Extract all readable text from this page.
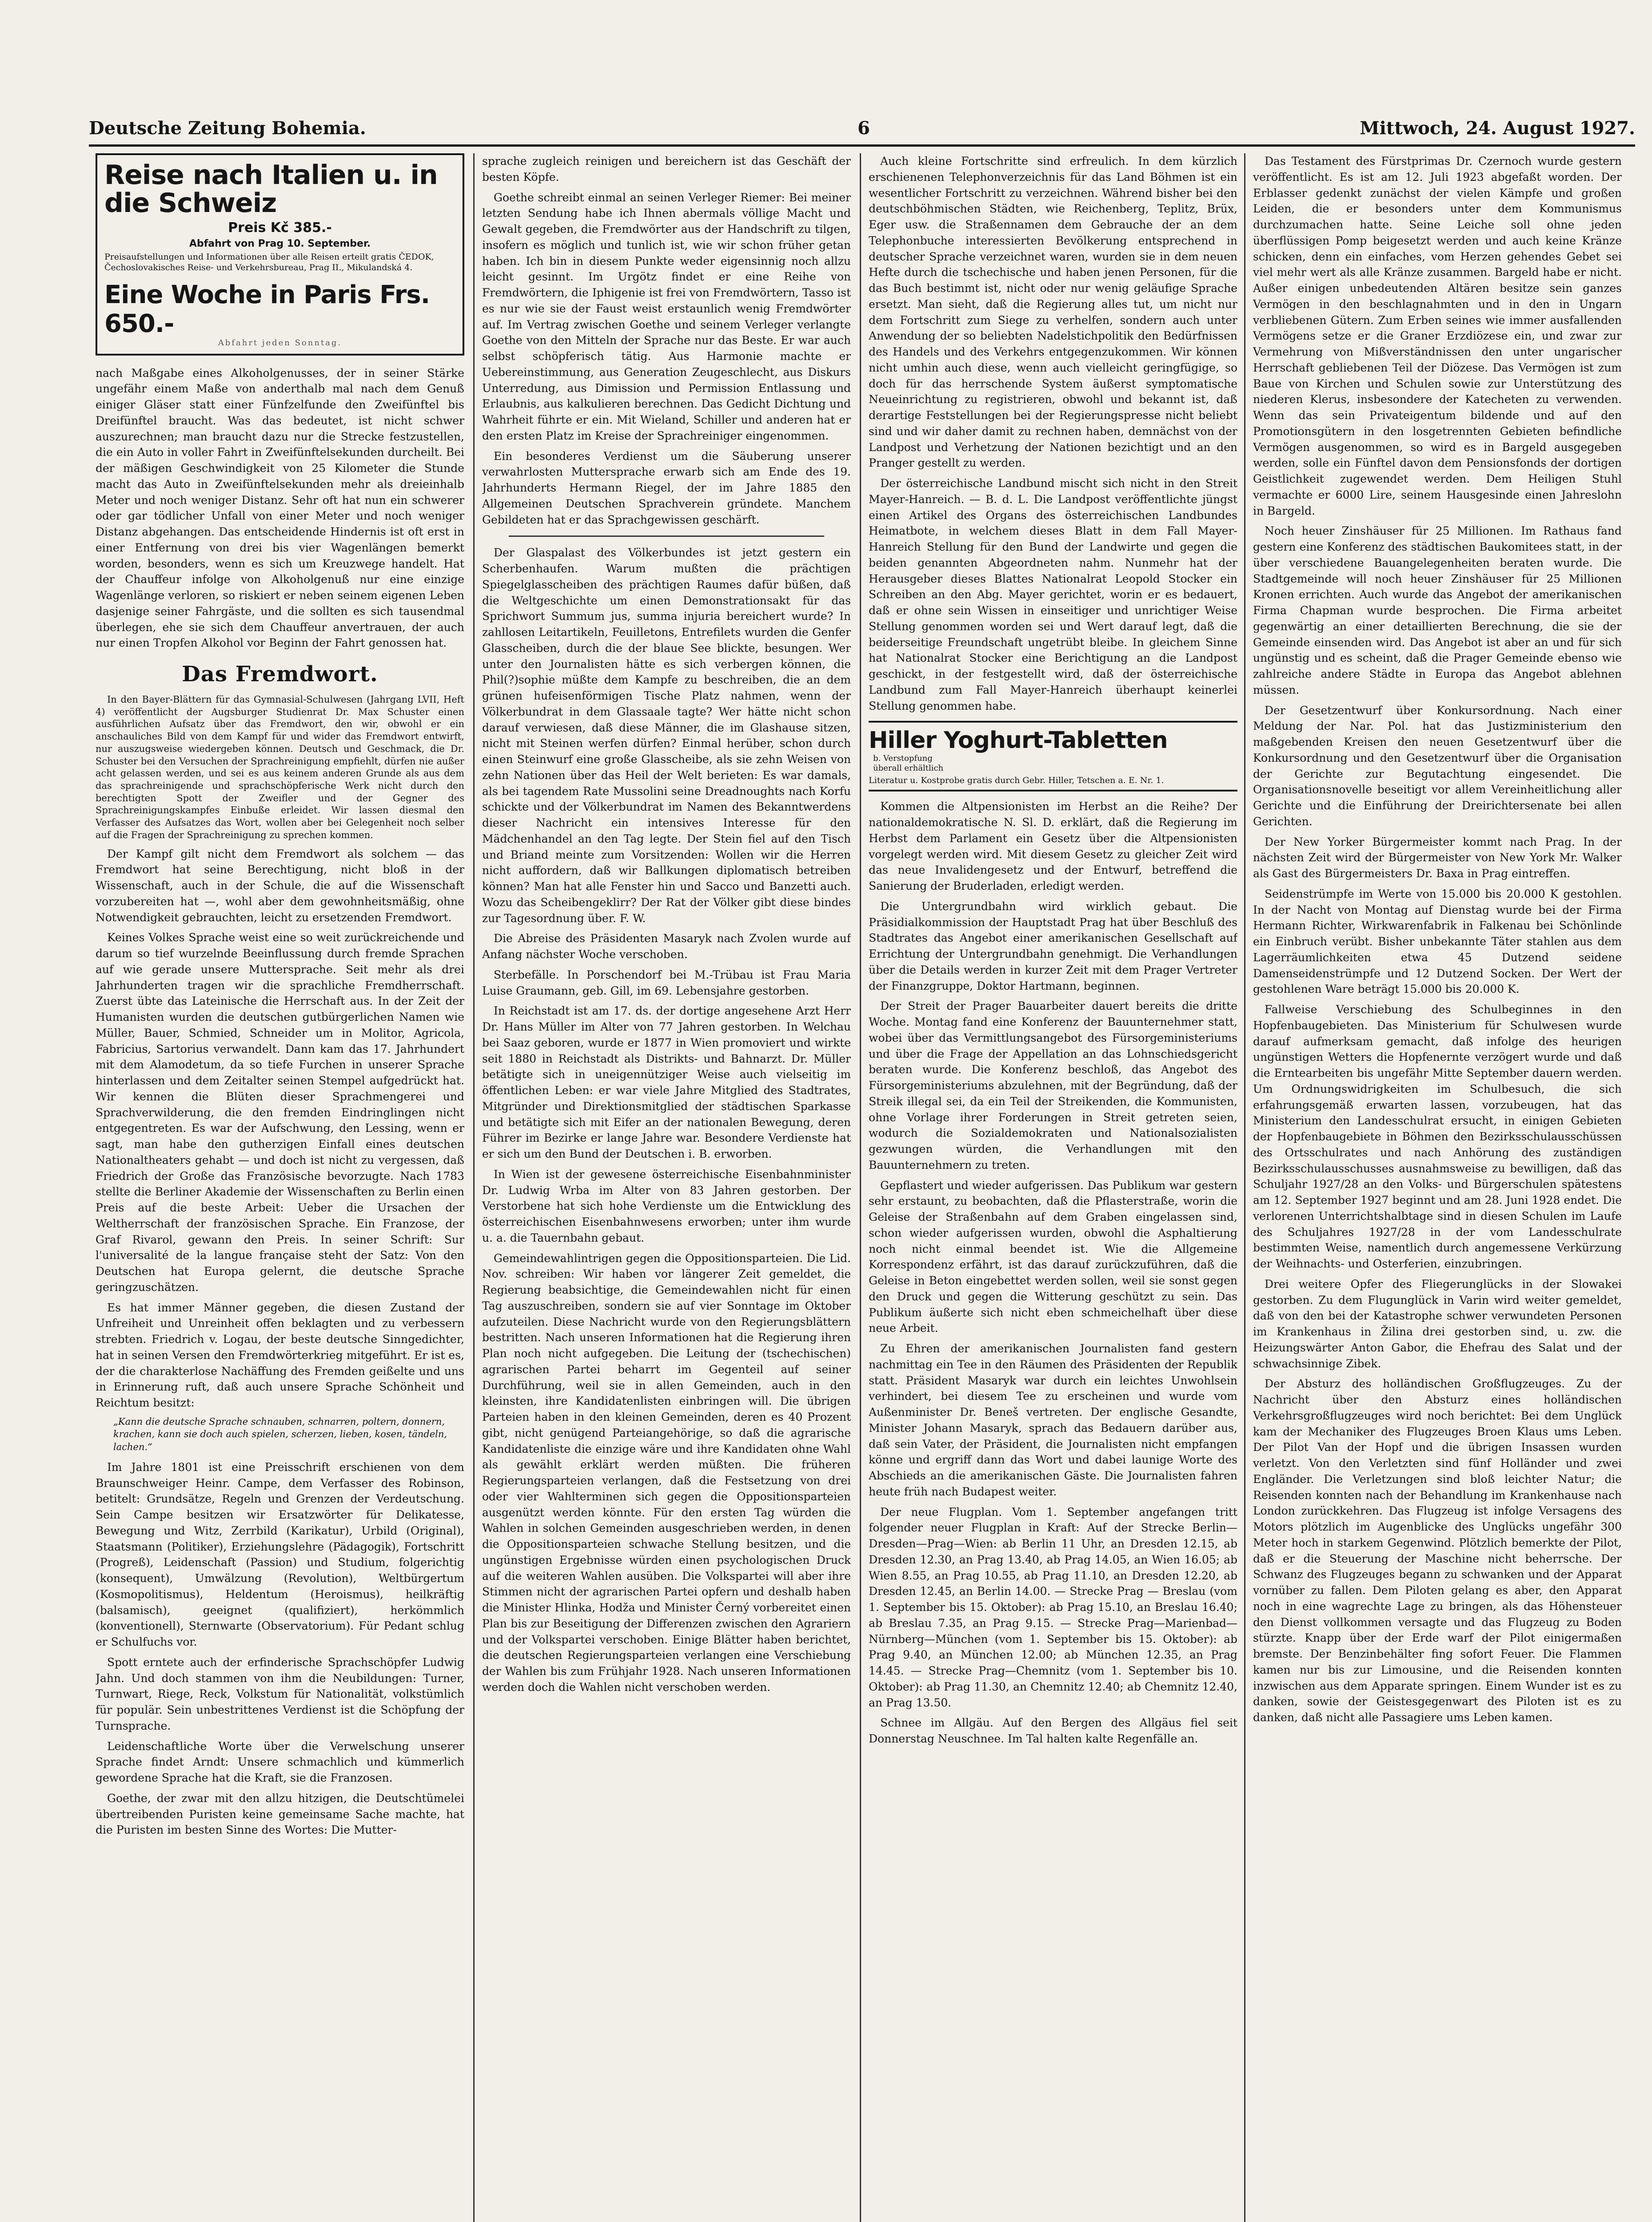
Deutsche Zeitung Bohemia.	6	Mittwoch, 24. August 1927.
Reise nach Italien u. in die Schweiz
Preis Kč 385.-
Abfahrt von Prag 10. September.
Preisaufstellungen und Informationen über alle Reisen erteilt gratis ČEDOK, Čechoslovakisches Reise- und Verkehrsbureau, Prag II., Mikulandská 4.
Eine Woche in Paris Frs. 650.-
Abfahrt jeden Sonntag.

nach Maßgabe eines Alkoholgenusses, der in seiner Stärke ungefähr einem Maße von anderthalb mal nach dem Genuß einiger Gläser statt einer Fünfzelfunde den Zweifünftel bis Dreifünftel braucht. Was das bedeutet, ist nicht schwer auszurechnen; man braucht dazu nur die Strecke festzustellen, die ein Auto in voller Fahrt in Zweifünftelsekunden durcheilt. Bei der mäßigen Geschwindigkeit von 25 Kilometer die Stunde macht das Auto in Zweifünftelsekunden mehr als dreieinhalb Meter und noch weniger Distanz. Sehr oft hat nun ein schwerer oder gar tödlicher Unfall von einer Meter und noch weniger Distanz abgehangen. Das entscheidende Hindernis ist oft erst in einer Entfernung von drei bis vier Wagenlängen bemerkt worden, besonders, wenn es sich um Kreuzwege handelt. Hat der Chauffeur infolge von Alkoholgenuß nur eine einzige Wagenlänge verloren, so riskiert er neben seinem eigenen Leben dasjenige seiner Fahrgäste, und die sollten es sich tausendmal überlegen, ehe sie sich dem Chauffeur anvertrauen, der auch nur einen Tropfen Alkohol vor Beginn der Fahrt genossen hat.

Das Fremdwort.

In den Bayer-Blättern für das Gymnasial-Schulwesen (Jahrgang LVII, Heft 4) veröffentlicht der Augsburger Studienrat Dr. Max Schuster einen ausführlichen Aufsatz über das Fremdwort, den wir, obwohl er ein anschauliches Bild von dem Kampf für und wider das Fremdwort entwirft, nur auszugsweise wiedergeben können. Deutsch und Geschmack, die Dr. Schuster bei den Versuchen der Sprachreinigung empfiehlt, dürfen nie außer acht gelassen werden, und sei es aus keinem anderen Grunde als aus dem das sprachreinigende und sprachschöpferische Werk nicht durch den berechtigten Spott der Zweifler und der Gegner des Sprachreinigungskampfes Einbuße erleidet. Wir lassen diesmal den Verfasser des Aufsatzes das Wort, wollen aber bei Gelegenheit noch selber auf die Fragen der Sprachreinigung zu sprechen kommen.

Der Kampf gilt nicht dem Fremdwort als solchem — das Fremdwort hat seine Berechtigung, nicht bloß in der Wissenschaft, auch in der Schule, die auf die Wissenschaft vorzubereiten hat —, wohl aber dem gewohnheitsmäßig, ohne Notwendigkeit gebrauchten, leicht zu ersetzenden Fremdwort.

Keines Volkes Sprache weist eine so weit zurückreichende und darum so tief wurzelnde Beeinflussung durch fremde Sprachen auf wie gerade unsere Muttersprache. Seit mehr als drei Jahrhunderten tragen wir die sprachliche Fremdherrschaft. Zuerst übte das Lateinische die Herrschaft aus. In der Zeit der Humanisten wurden die deutschen gutbürgerlichen Namen wie Müller, Bauer, Schmied, Schneider um in Molitor, Agricola, Fabricius, Sartorius verwandelt. Dann kam das 17. Jahrhundert mit dem Alamodetum, da so tiefe Furchen in unserer Sprache hinterlassen und dem Zeitalter seinen Stempel aufgedrückt hat. Wir kennen die Blüten dieser Sprachmengerei und Sprachverwilderung, die den fremden Eindringlingen nicht entgegentreten. Es war der Aufschwung, den Lessing, wenn er sagt, man habe den gutherzigen Einfall eines deutschen Nationaltheaters gehabt — und doch ist nicht zu vergessen, daß Friedrich der Große das Französische bevorzugte. Nach 1783 stellte die Berliner Akademie der Wissenschaften zu Berlin einen Preis auf die beste Arbeit: Ueber die Ursachen der Weltherrschaft der französischen Sprache. Ein Franzose, der Graf Rivarol, gewann den Preis. In seiner Schrift: Sur l'universalité de la langue française steht der Satz: Von den Deutschen hat Europa gelernt, die deutsche Sprache geringzuschätzen.

Es hat immer Männer gegeben, die diesen Zustand der Unfreiheit und Unreinheit offen beklagten und zu verbessern strebten. Friedrich v. Logau, der beste deutsche Sinngedichter, hat in seinen Versen den Fremdwörterkrieg mitgeführt. Er ist es, der die charakterlose Nachäffung des Fremden geißelte und uns in Erinnerung ruft, daß auch unsere Sprache Schönheit und Reichtum besitzt:

„Kann die deutsche Sprache schnauben, schnarren, poltern, donnern, krachen, kann sie doch auch spielen, scherzen, lieben, kosen, tändeln, lachen.“

Im Jahre 1801 ist eine Preisschrift erschienen von dem Braunschweiger Heinr. Campe, dem Verfasser des Robinson, betitelt: Grundsätze, Regeln und Grenzen der Verdeutschung. Sein Campe besitzen wir Ersatzwörter für Delikatesse, Bewegung und Witz, Zerrbild (Karikatur), Urbild (Original), Staatsmann (Politiker), Erziehungslehre (Pädagogik), Fortschritt (Progreß), Leidenschaft (Passion) und Studium, folgerichtig (konsequent), Umwälzung (Revolution), Weltbürgertum (Kosmopolitismus), Heldentum (Heroismus), heilkräftig (balsamisch), geeignet (qualifiziert), herkömmlich (konventionell), Sternwarte (Observatorium). Für Pedant schlug er Schulfuchs vor.

Spott erntete auch der erfinderische Sprachschöpfer Ludwig Jahn. Und doch stammen von ihm die Neubildungen: Turner, Turnwart, Riege, Reck, Volkstum für Nationalität, volkstümlich für populär. Sein unbestrittenes Verdienst ist die Schöpfung der Turnsprache.

Leidenschaftliche Worte über die Verwelschung unserer Sprache findet Arndt: Unsere schmachlich und kümmerlich gewordene Sprache hat die Kraft, sie die Franzosen.

Goethe, der zwar mit den allzu hitzigen, die Deutschtümelei übertreibenden Puristen keine gemeinsame Sache machte, hat die Puristen im besten Sinne des Wortes: Die Mutter-

sprache zugleich reinigen und bereichern ist das Geschäft der besten Köpfe.

Goethe schreibt einmal an seinen Verleger Riemer: Bei meiner letzten Sendung habe ich Ihnen abermals völlige Macht und Gewalt gegeben, die Fremdwörter aus der Handschrift zu tilgen, insofern es möglich und tunlich ist, wie wir schon früher getan haben. Ich bin in diesem Punkte weder eigensinnig noch allzu leicht gesinnt. Im Urgötz findet er eine Reihe von Fremdwörtern, die Iphigenie ist frei von Fremdwörtern, Tasso ist es nur wie sie der Faust weist erstaunlich wenig Fremdwörter auf. Im Vertrag zwischen Goethe und seinem Verleger verlangte Goethe von den Mitteln der Sprache nur das Beste. Er war auch selbst schöpferisch tätig. Aus Harmonie machte er Uebereinstimmung, aus Generation Zeugeschlecht, aus Diskurs Unterredung, aus Dimission und Permission Entlassung und Erlaubnis, aus kalkulieren berechnen. Das Gedicht Dichtung und Wahrheit führte er ein. Mit Wieland, Schiller und anderen hat er den ersten Platz im Kreise der Sprachreiniger eingenommen.

Ein besonderes Verdienst um die Säuberung unserer verwahrlosten Muttersprache erwarb sich am Ende des 19. Jahrhunderts Hermann Riegel, der im Jahre 1885 den Allgemeinen Deutschen Sprachverein gründete. Manchem Gebildeten hat er das Sprachgewissen geschärft.

Der Glaspalast des Völkerbundes ist jetzt gestern ein Scherbenhaufen. Warum mußten die prächtigen Spiegelglasscheiben des prächtigen Raumes dafür büßen, daß die Weltgeschichte um einen Demonstrationsakt für das Sprichwort Summum jus, summa injuria bereichert wurde? In zahllosen Leitartikeln, Feuilletons, Entrefilets wurden die Genfer Glasscheiben, durch die der blaue See blickte, besungen. Wer unter den Journalisten hätte es sich verbergen können, die Phil(?)sophie müßte dem Kampfe zu beschreiben, die an dem grünen hufeisenförmigen Tische Platz nahmen, wenn der Völkerbundrat in dem Glassaale tagte? Wer hätte nicht schon darauf verwiesen, daß diese Männer, die im Glashause sitzen, nicht mit Steinen werfen dürfen? Einmal herüber, schon durch einen Steinwurf eine große Glasscheibe, als sie zehn Weisen von zehn Nationen über das Heil der Welt berieten: Es war damals, als bei tagendem Rate Mussolini seine Dreadnoughts nach Korfu schickte und der Völkerbundrat im Namen des Bekanntwerdens dieser Nachricht ein intensives Interesse für den Mädchenhandel an den Tag legte. Der Stein fiel auf den Tisch und Briand meinte zum Vorsitzenden: Wollen wir die Herren nicht auffordern, daß wir Ballkungen diplomatisch betreiben können? Man hat alle Fenster hin und Sacco und Banzetti auch. Wozu das Scheibengeklirr? Der Rat der Völker gibt diese bindes zur Tagesordnung über. F. W.

Die Abreise des Präsidenten Masaryk nach Zvolen wurde auf Anfang nächster Woche verschoben.

Sterbefälle. In Porschendorf bei M.-Trübau ist Frau Maria Luise Graumann, geb. Gill, im 69. Lebensjahre gestorben.

In Reichstadt ist am 17. ds. der dortige angesehene Arzt Herr Dr. Hans Müller im Alter von 77 Jahren gestorben. In Welchau bei Saaz geboren, wurde er 1877 in Wien promoviert und wirkte seit 1880 in Reichstadt als Distrikts- und Bahnarzt. Dr. Müller betätigte sich in uneigennütziger Weise auch vielseitig im öffentlichen Leben: er war viele Jahre Mitglied des Stadtrates, Mitgründer und Direktionsmitglied der städtischen Sparkasse und betätigte sich mit Eifer an der nationalen Bewegung, deren Führer im Bezirke er lange Jahre war. Besondere Verdienste hat er sich um den Bund der Deutschen i. B. erworben.

In Wien ist der gewesene österreichische Eisenbahnminister Dr. Ludwig Wrba im Alter von 83 Jahren gestorben. Der Verstorbene hat sich hohe Verdienste um die Entwicklung des österreichischen Eisenbahnwesens erworben; unter ihm wurde u. a. die Tauernbahn gebaut.

Gemeindewahlintrigen gegen die Oppositionsparteien. Die Lid. Nov. schreiben: Wir haben vor längerer Zeit gemeldet, die Regierung beabsichtige, die Gemeindewahlen nicht für einen Tag auszuschreiben, sondern sie auf vier Sonntage im Oktober aufzuteilen. Diese Nachricht wurde von den Regierungsblättern bestritten. Nach unseren Informationen hat die Regierung ihren Plan noch nicht aufgegeben. Die Leitung der (tschechischen) agrarischen Partei beharrt im Gegenteil auf seiner Durchführung, weil sie in allen Gemeinden, auch in den kleinsten, ihre Kandidatenlisten einbringen will. Die übrigen Parteien haben in den kleinen Gemeinden, deren es 40 Prozent gibt, nicht genügend Parteiangehörige, so daß die agrarische Kandidatenliste die einzige wäre und ihre Kandidaten ohne Wahl als gewählt erklärt werden müßten. Die früheren Regierungsparteien verlangen, daß die Festsetzung von drei oder vier Wahlterminen sich gegen die Oppositionsparteien ausgenützt werden könnte. Für den ersten Tag würden die Wahlen in solchen Gemeinden ausgeschrieben werden, in denen die Oppositionsparteien schwache Stellung besitzen, und die ungünstigen Ergebnisse würden einen psychologischen Druck auf die weiteren Wahlen ausüben. Die Volkspartei will aber ihre Stimmen nicht der agrarischen Partei opfern und deshalb haben die Minister Hlinka, Hodža und Minister Černý vorbereitet einen Plan bis zur Beseitigung der Differenzen zwischen den Agrariern und der Volkspartei verschoben. Einige Blätter haben berichtet, die deutschen Regierungsparteien verlangen eine Verschiebung der Wahlen bis zum Frühjahr 1928. Nach unseren Informationen werden doch die Wahlen nicht verschoben werden.

Auch kleine Fortschritte sind erfreulich. In dem kürzlich erschienenen Telephonverzeichnis für das Land Böhmen ist ein wesentlicher Fortschritt zu verzeichnen. Während bisher bei den deutschböhmischen Städten, wie Reichenberg, Teplitz, Brüx, Eger usw. die Straßennamen dem Gebrauche der an dem Telephonbuche interessierten Bevölkerung entsprechend in deutscher Sprache verzeichnet waren, wurden sie in dem neuen Hefte durch die tschechische und haben jenen Personen, für die das Buch bestimmt ist, nicht oder nur wenig geläufige Sprache ersetzt. Man sieht, daß die Regierung alles tut, um nicht nur dem Fortschritt zum Siege zu verhelfen, sondern auch unter Anwendung der so beliebten Nadelstichpolitik den Bedürfnissen des Handels und des Verkehrs entgegenzukommen. Wir können nicht umhin auch diese, wenn auch vielleicht geringfügige, so doch für das herrschende System äußerst symptomatische Neueinrichtung zu registrieren, obwohl und bekannt ist, daß derartige Feststellungen bei der Regierungspresse nicht beliebt sind und wir daher damit zu rechnen haben, demnächst von der Landpost und Verhetzung der Nationen bezichtigt und an den Pranger gestellt zu werden.

Der österreichische Landbund mischt sich nicht in den Streit Mayer-Hanreich. — B. d. L. Die Landpost veröffentlichte jüngst einen Artikel des Organs des österreichischen Landbundes Heimatbote, in welchem dieses Blatt in dem Fall Mayer-Hanreich Stellung für den Bund der Landwirte und gegen die beiden genannten Abgeordneten nahm. Nunmehr hat der Herausgeber dieses Blattes Nationalrat Leopold Stocker ein Schreiben an den Abg. Mayer gerichtet, worin er es bedauert, daß er ohne sein Wissen in einseitiger und unrichtiger Weise Stellung genommen worden sei und Wert darauf legt, daß die beiderseitige Freundschaft ungetrübt bleibe. In gleichem Sinne hat Nationalrat Stocker eine Berichtigung an die Landpost geschickt, in der festgestellt wird, daß der österreichische Landbund zum Fall Mayer-Hanreich überhaupt keinerlei Stellung genommen habe.

Hiller Yoghurt-Tabletten b. Verstopfung überall erhältlich
Literatur u. Kostprobe gratis durch Gebr. Hiller, Tetschen a. E. Nr. 1.

Kommen die Altpensionisten im Herbst an die Reihe? Der nationaldemokratische N. Sl. D. erklärt, daß die Regierung im Herbst dem Parlament ein Gesetz über die Altpensionisten vorgelegt werden wird. Mit diesem Gesetz zu gleicher Zeit wird das neue Invalidengesetz und der Entwurf, betreffend die Sanierung der Bruderladen, erledigt werden.

Die Untergrundbahn wird wirklich gebaut. Die Präsidialkommission der Hauptstadt Prag hat über Beschluß des Stadtrates das Angebot einer amerikanischen Gesellschaft auf Errichtung der Untergrundbahn genehmigt. Die Verhandlungen über die Details werden in kurzer Zeit mit dem Prager Vertreter der Finanzgruppe, Doktor Hartmann, beginnen.

Der Streit der Prager Bauarbeiter dauert bereits die dritte Woche. Montag fand eine Konferenz der Bauunternehmer statt, wobei über das Vermittlungsangebot des Fürsorgeministeriums und über die Frage der Appellation an das Lohnschiedsgericht beraten wurde. Die Konferenz beschloß, das Angebot des Fürsorgeministeriums abzulehnen, mit der Begründung, daß der Streik illegal sei, da ein Teil der Streikenden, die Kommunisten, ohne Vorlage ihrer Forderungen in Streit getreten seien, wodurch die Sozialdemokraten und Nationalsozialisten gezwungen würden, die Verhandlungen mit den Bauunternehmern zu treten.

Gepflastert und wieder aufgerissen. Das Publikum war gestern sehr erstaunt, zu beobachten, daß die Pflasterstraße, worin die Geleise der Straßenbahn auf dem Graben eingelassen sind, schon wieder aufgerissen wurden, obwohl die Asphaltierung noch nicht einmal beendet ist. Wie die Allgemeine Korrespondenz erfährt, ist das darauf zurückzuführen, daß die Geleise in Beton eingebettet werden sollen, weil sie sonst gegen den Druck und gegen die Witterung geschützt zu sein. Das Publikum äußerte sich nicht eben schmeichelhaft über diese neue Arbeit.

Zu Ehren der amerikanischen Journalisten fand gestern nachmittag ein Tee in den Räumen des Präsidenten der Republik statt. Präsident Masaryk war durch ein leichtes Unwohlsein verhindert, bei diesem Tee zu erscheinen und wurde vom Außenminister Dr. Beneš vertreten. Der englische Gesandte, Minister Johann Masaryk, sprach das Bedauern darüber aus, daß sein Vater, der Präsident, die Journalisten nicht empfangen könne und ergriff dann das Wort und dabei launige Worte des Abschieds an die amerikanischen Gäste. Die Journalisten fahren heute früh nach Budapest weiter.

Der neue Flugplan. Vom 1. September angefangen tritt folgender neuer Flugplan in Kraft: Auf der Strecke Berlin—Dresden—Prag—Wien: ab Berlin 11 Uhr, an Dresden 12.15, ab Dresden 12.30, an Prag 13.40, ab Prag 14.05, an Wien 16.05; ab Wien 8.55, an Prag 10.55, ab Prag 11.10, an Dresden 12.20, ab Dresden 12.45, an Berlin 14.00. — Strecke Prag — Breslau (vom 1. September bis 15. Oktober): ab Prag 15.10, an Breslau 16.40; ab Breslau 7.35, an Prag 9.15. — Strecke Prag—Marienbad—Nürnberg—München (vom 1. September bis 15. Oktober): ab Prag 9.40, an München 12.00; ab München 12.35, an Prag 14.45. — Strecke Prag—Chemnitz (vom 1. September bis 10. Oktober): ab Prag 11.30, an Chemnitz 12.40; ab Chemnitz 12.40, an Prag 13.50.

Schnee im Allgäu. Auf den Bergen des Allgäus fiel seit Donnerstag Neuschnee. Im Tal halten kalte Regenfälle an.

Das Testament des Fürstprimas Dr. Czernoch wurde gestern veröffentlicht. Es ist am 12. Juli 1923 abgefaßt worden. Der Erblasser gedenkt zunächst der vielen Kämpfe und großen Leiden, die er besonders unter dem Kommunismus durchzumachen hatte. Seine Leiche soll ohne jeden überflüssigen Pomp beigesetzt werden und auch keine Kränze schicken, denn ein einfaches, vom Herzen gehendes Gebet sei viel mehr wert als alle Kränze zusammen. Bargeld habe er nicht. Außer einigen unbedeutenden Altären besitze sein ganzes Vermögen in den beschlagnahmten und in den in Ungarn verbliebenen Gütern. Zum Erben seines wie immer ausfallenden Vermögens setze er die Graner Erzdiözese ein, und zwar zur Vermehrung von Mißverständnissen den unter ungarischer Herrschaft gebliebenen Teil der Diözese. Das Vermögen ist zum Baue von Kirchen und Schulen sowie zur Unterstützung des niederen Klerus, insbesondere der Katecheten zu verwenden. Wenn das sein Privateigentum bildende und auf den Promotionsgütern in den losgetrennten Gebieten befindliche Vermögen ausgenommen, so wird es in Bargeld ausgegeben werden, solle ein Fünftel davon dem Pensionsfonds der dortigen Geistlichkeit zugewendet werden. Dem Heiligen Stuhl vermachte er 6000 Lire, seinem Hausgesinde einen Jahreslohn in Bargeld.

Noch heuer Zinshäuser für 25 Millionen. Im Rathaus fand gestern eine Konferenz des städtischen Baukomitees statt, in der über verschiedene Bauangelegenheiten beraten wurde. Die Stadtgemeinde will noch heuer Zinshäuser für 25 Millionen Kronen errichten. Auch wurde das Angebot der amerikanischen Firma Chapman wurde besprochen. Die Firma arbeitet gegenwärtig an einer detaillierten Berechnung, die sie der Gemeinde einsenden wird. Das Angebot ist aber an und für sich ungünstig und es scheint, daß die Prager Gemeinde ebenso wie zahlreiche andere Städte in Europa das Angebot ablehnen müssen.

Der Gesetzentwurf über Konkursordnung. Nach einer Meldung der Nar. Pol. hat das Justizministerium den maßgebenden Kreisen den neuen Gesetzentwurf über die Konkursordnung und den Gesetzentwurf über die Organisation der Gerichte zur Begutachtung eingesendet. Die Organisationsnovelle beseitigt vor allem Vereinheitlichung aller Gerichte und die Einführung der Dreirichtersenate bei allen Gerichten.

Der New Yorker Bürgermeister kommt nach Prag. In der nächsten Zeit wird der Bürgermeister von New York Mr. Walker als Gast des Bürgermeisters Dr. Baxa in Prag eintreffen.

Seidenstrümpfe im Werte von 15.000 bis 20.000 K gestohlen. In der Nacht von Montag auf Dienstag wurde bei der Firma Hermann Richter, Wirkwarenfabrik in Falkenau bei Schönlinde ein Einbruch verübt. Bisher unbekannte Täter stahlen aus dem Lagerräumlichkeiten etwa 45 Dutzend seidene Damenseidenstrümpfe und 12 Dutzend Socken. Der Wert der gestohlenen Ware beträgt 15.000 bis 20.000 K.

Fallweise Verschiebung des Schulbeginnes in den Hopfenbaugebieten. Das Ministerium für Schulwesen wurde darauf aufmerksam gemacht, daß infolge des heurigen ungünstigen Wetters die Hopfenernte verzögert wurde und daß die Erntearbeiten bis ungefähr Mitte September dauern werden. Um Ordnungswidrigkeiten im Schulbesuch, die sich erfahrungsgemäß erwarten lassen, vorzubeugen, hat das Ministerium den Landesschulrat ersucht, in einigen Gebieten der Hopfenbaugebiete in Böhmen den Bezirksschulausschüssen des Ortsschulrates und nach Anhörung des zuständigen Bezirksschulausschusses ausnahmsweise zu bewilligen, daß das Schuljahr 1927/28 an den Volks- und Bürgerschulen spätestens am 12. September 1927 beginnt und am 28. Juni 1928 endet. Die verlorenen Unterrichtshalbtage sind in diesen Schulen im Laufe des Schuljahres 1927/28 in der vom Landesschulrate bestimmten Weise, namentlich durch angemessene Verkürzung der Weihnachts- und Osterferien, einzubringen.

Drei weitere Opfer des Fliegerunglücks in der Slowakei gestorben. Zu dem Flugunglück in Varin wird weiter gemeldet, daß von den bei der Katastrophe schwer verwundeten Personen im Krankenhaus in Žilina drei gestorben sind, u. zw. die Heizungswärter Anton Gabor, die Ehefrau des Salat und der schwachsinnige Zibek.

Der Absturz des holländischen Großflugzeuges. Zu der Nachricht über den Absturz eines holländischen Verkehrsgroßflugzeuges wird noch berichtet: Bei dem Unglück kam der Mechaniker des Flugzeuges Broen Klaus ums Leben. Der Pilot Van der Hopf und die übrigen Insassen wurden verletzt. Von den Verletzten sind fünf Holländer und zwei Engländer. Die Verletzungen sind bloß leichter Natur; die Reisenden konnten nach der Behandlung im Krankenhause nach London zurückkehren. Das Flugzeug ist infolge Versagens des Motors plötzlich im Augenblicke des Unglücks ungefähr 300 Meter hoch in starkem Gegenwind. Plötzlich bemerkte der Pilot, daß er die Steuerung der Maschine nicht beherrsche. Der Schwanz des Flugzeuges begann zu schwanken und der Apparat vornüber zu fallen. Dem Piloten gelang es aber, den Apparat noch in eine wagrechte Lage zu bringen, als das Höhensteuer den Dienst vollkommen versagte und das Flugzeug zu Boden stürzte. Knapp über der Erde warf der Pilot einigermaßen bremste. Der Benzinbehälter fing sofort Feuer. Die Flammen kamen nur bis zur Limousine, und die Reisenden konnten inzwischen aus dem Apparate springen. Einem Wunder ist es zu danken, sowie der Geistesgegenwart des Piloten ist es zu danken, daß nicht alle Passagiere ums Leben kamen.
